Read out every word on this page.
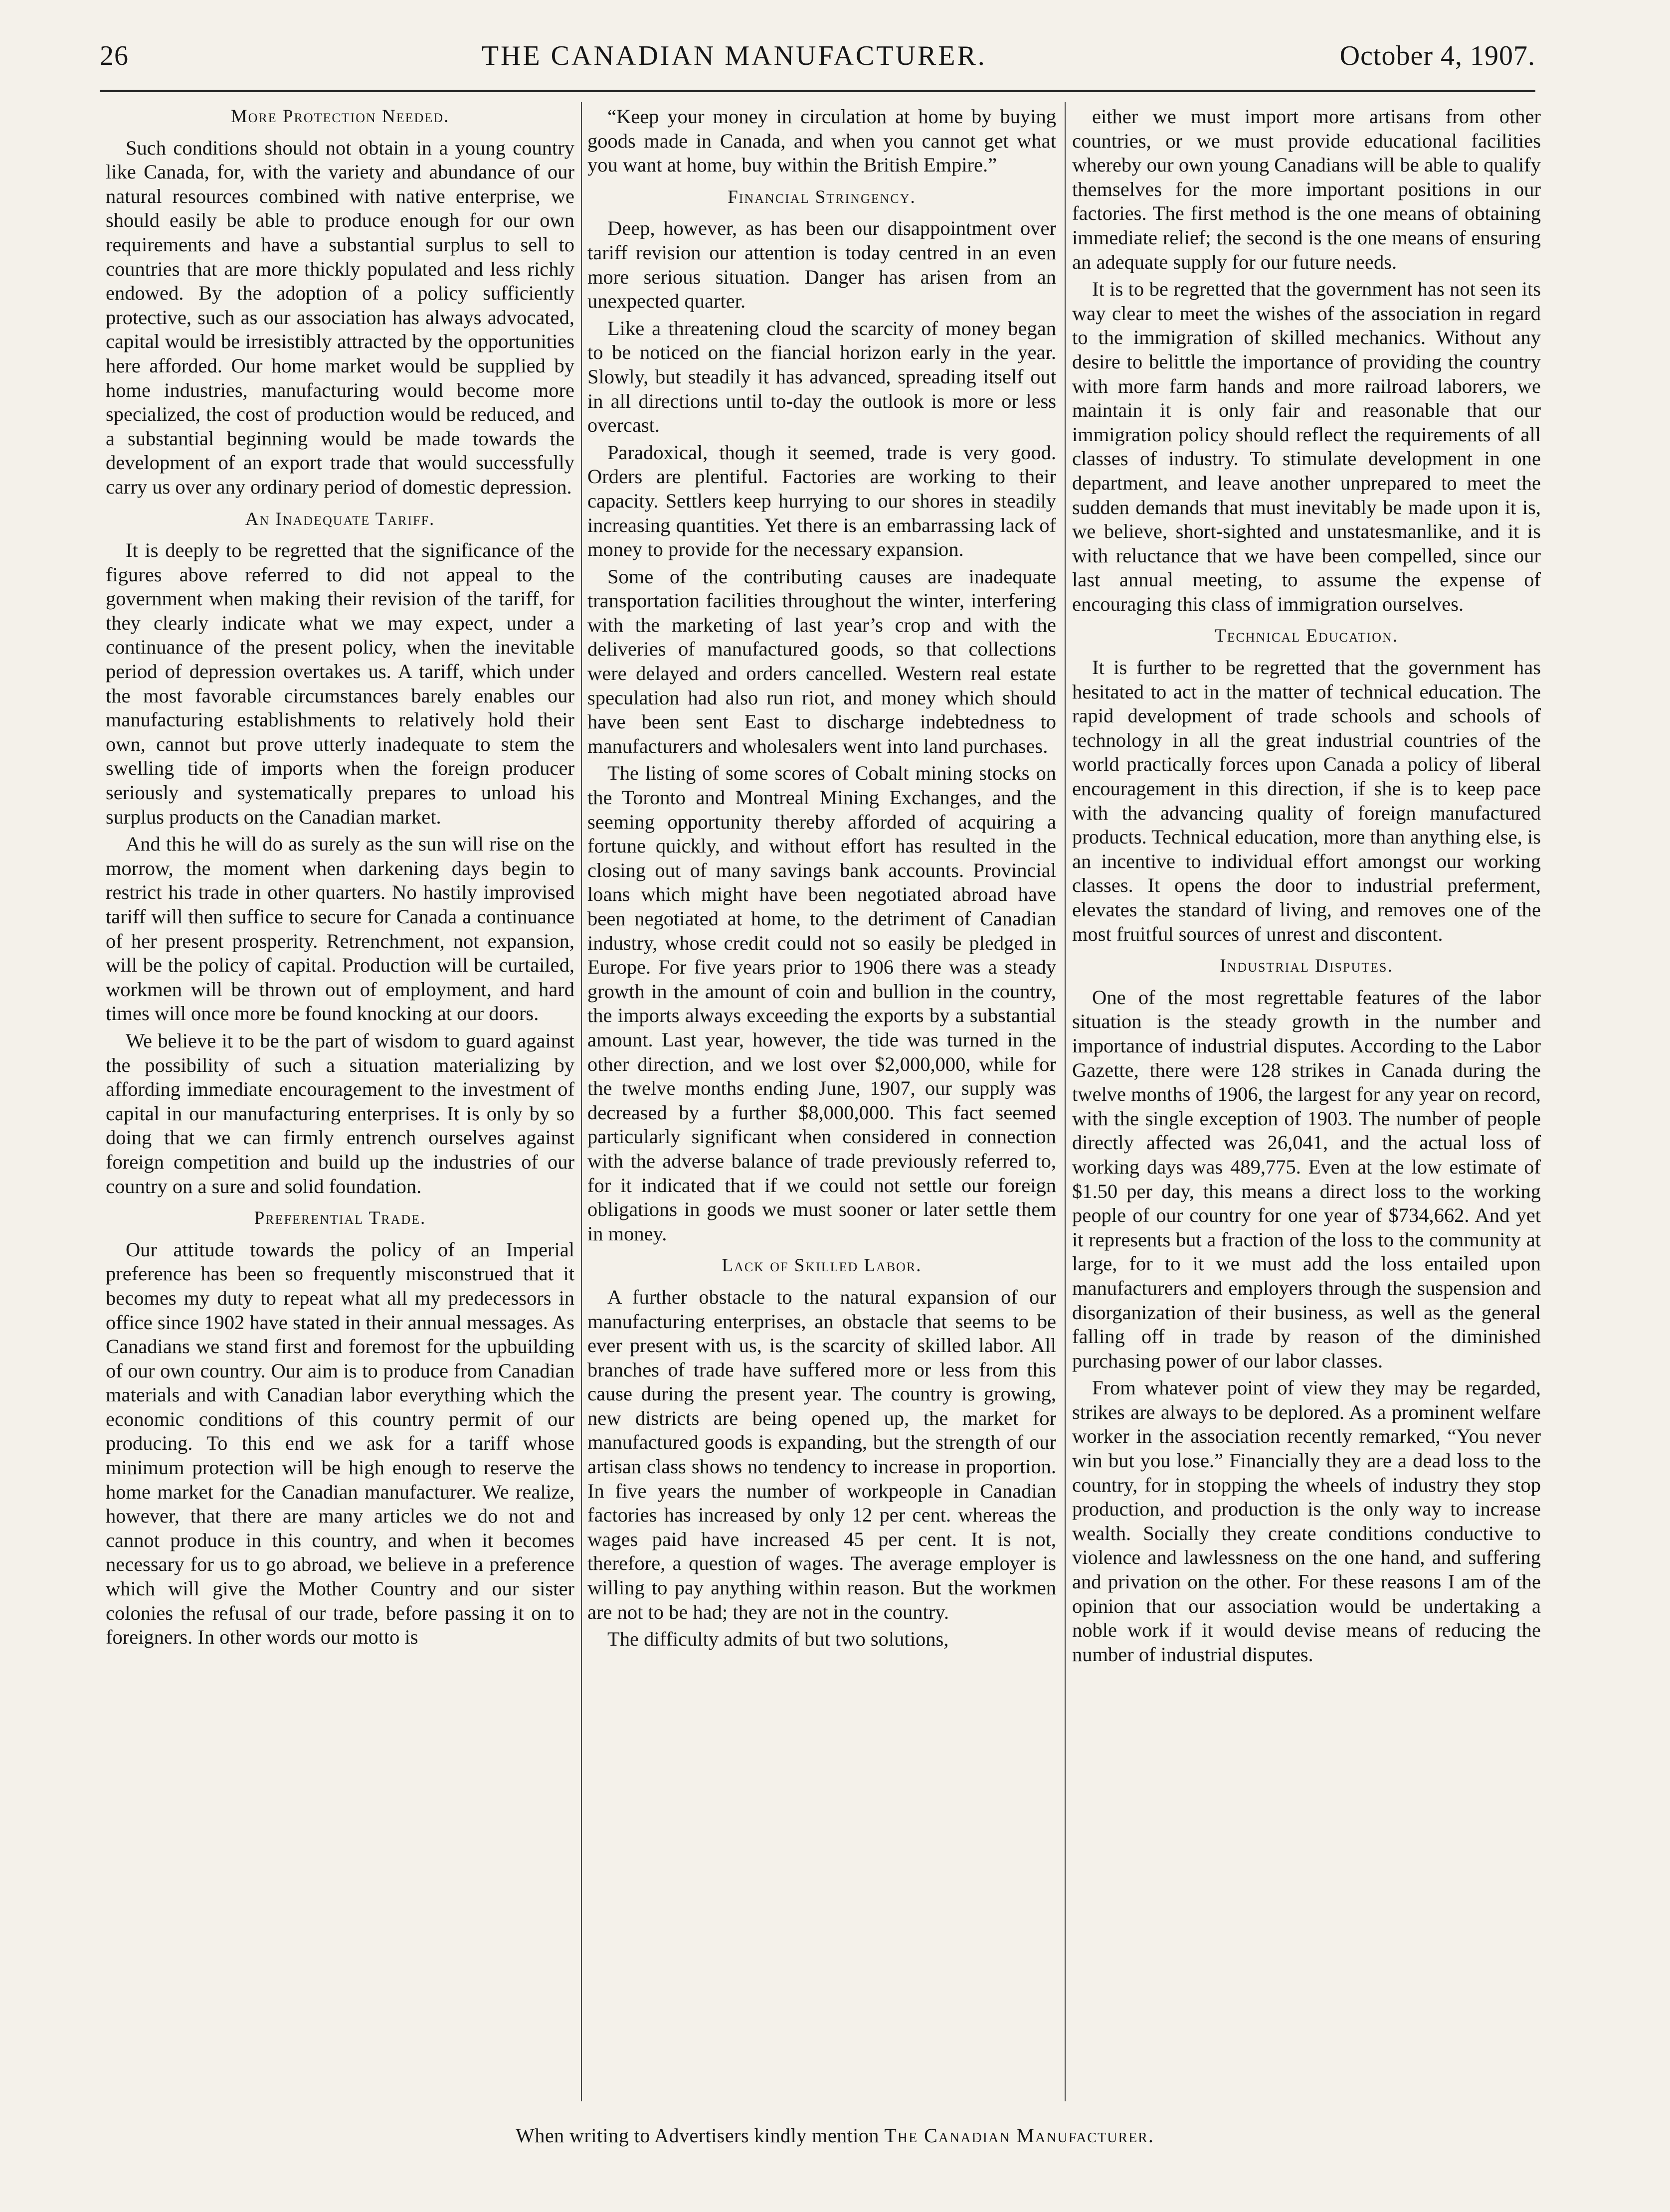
26	THE CANADIAN MANUFACTURER.	October 4, 1907.
More Protection Needed.

Such conditions should not obtain in a young country like Canada, for, with the variety and abundance of our natural resources combined with native enterprise, we should easily be able to produce enough for our own requirements and have a substantial surplus to sell to countries that are more thickly populated and less richly endowed. By the adoption of a policy sufficiently protective, such as our association has always advocated, capital would be irresistibly attracted by the opportunities here afforded. Our home market would be supplied by home industries, manufacturing would become more specialized, the cost of production would be reduced, and a substantial beginning would be made towards the development of an export trade that would successfully carry us over any ordinary period of domestic depression.

An Inadequate Tariff.

It is deeply to be regretted that the significance of the figures above referred to did not appeal to the government when making their revision of the tariff, for they clearly indicate what we may expect, under a continuance of the present policy, when the inevitable period of depression overtakes us. A tariff, which under the most favorable circumstances barely enables our manufacturing establishments to relatively hold their own, cannot but prove utterly inadequate to stem the swelling tide of imports when the foreign producer seriously and systematically prepares to unload his surplus products on the Canadian market.

And this he will do as surely as the sun will rise on the morrow, the moment when darkening days begin to restrict his trade in other quarters. No hastily improvised tariff will then suffice to secure for Canada a continuance of her present prosperity. Retrenchment, not expansion, will be the policy of capital. Production will be curtailed, workmen will be thrown out of employment, and hard times will once more be found knocking at our doors.

We believe it to be the part of wisdom to guard against the possibility of such a situation materializing by affording immediate encouragement to the investment of capital in our manufacturing enterprises. It is only by so doing that we can firmly entrench ourselves against foreign competition and build up the industries of our country on a sure and solid foundation.

Preferential Trade.

Our attitude towards the policy of an Imperial preference has been so frequently misconstrued that it becomes my duty to repeat what all my predecessors in office since 1902 have stated in their annual messages. As Canadians we stand first and foremost for the upbuilding of our own country. Our aim is to produce from Canadian materials and with Canadian labor everything which the economic conditions of this country permit of our producing. To this end we ask for a tariff whose minimum protection will be high enough to reserve the home market for the Canadian manufacturer. We realize, however, that there are many articles we do not and cannot produce in this country, and when it becomes necessary for us to go abroad, we believe in a preference which will give the Mother Country and our sister colonies the refusal of our trade, before passing it on to foreigners. In other words our motto is

“Keep your money in circulation at home by buying goods made in Canada, and when you cannot get what you want at home, buy within the British Empire.”

Financial Stringency.

Deep, however, as has been our disappointment over tariff revision our attention is today centred in an even more serious situation. Danger has arisen from an unexpected quarter.

Like a threatening cloud the scarcity of money began to be noticed on the fiancial horizon early in the year. Slowly, but steadily it has advanced, spreading itself out in all directions until to-day the outlook is more or less overcast.

Paradoxical, though it seemed, trade is very good. Orders are plentiful. Factories are working to their capacity. Settlers keep hurrying to our shores in steadily increasing quantities. Yet there is an embarrassing lack of money to provide for the necessary expansion.

Some of the contributing causes are inadequate transportation facilities throughout the winter, interfering with the marketing of last year’s crop and with the deliveries of manufactured goods, so that collections were delayed and orders cancelled. Western real estate speculation had also run riot, and money which should have been sent East to discharge indebtedness to manufacturers and wholesalers went into land purchases.

The listing of some scores of Cobalt mining stocks on the Toronto and Montreal Mining Exchanges, and the seeming opportunity thereby afforded of acquiring a fortune quickly, and without effort has resulted in the closing out of many savings bank accounts. Provincial loans which might have been negotiated abroad have been negotiated at home, to the detriment of Canadian industry, whose credit could not so easily be pledged in Europe. For five years prior to 1906 there was a steady growth in the amount of coin and bullion in the country, the imports always exceeding the exports by a substantial amount. Last year, however, the tide was turned in the other direction, and we lost over $2,000,000, while for the twelve months ending June, 1907, our supply was decreased by a further $8,000,000. This fact seemed particularly significant when considered in connection with the adverse balance of trade previously referred to, for it indicated that if we could not settle our foreign obligations in goods we must sooner or later settle them in money.

Lack of Skilled Labor.

A further obstacle to the natural expansion of our manufacturing enterprises, an obstacle that seems to be ever present with us, is the scarcity of skilled labor. All branches of trade have suffered more or less from this cause during the present year. The country is growing, new districts are being opened up, the market for manufactured goods is expanding, but the strength of our artisan class shows no tendency to increase in proportion. In five years the number of workpeople in Canadian factories has increased by only 12 per cent. whereas the wages paid have increased 45 per cent. It is not, therefore, a question of wages. The average employer is willing to pay anything within reason. But the workmen are not to be had; they are not in the country.

The difficulty admits of but two solutions,

either we must import more artisans from other countries, or we must provide educational facilities whereby our own young Canadians will be able to qualify themselves for the more important positions in our factories. The first method is the one means of obtaining immediate relief; the second is the one means of ensuring an adequate supply for our future needs.

It is to be regretted that the government has not seen its way clear to meet the wishes of the association in regard to the immigration of skilled mechanics. Without any desire to belittle the importance of providing the country with more farm hands and more railroad laborers, we maintain it is only fair and reasonable that our immigration policy should reflect the requirements of all classes of industry. To stimulate development in one department, and leave another unprepared to meet the sudden demands that must inevitably be made upon it is, we believe, short-sighted and unstatesmanlike, and it is with reluctance that we have been compelled, since our last annual meeting, to assume the expense of encouraging this class of immigration ourselves.

Technical Education.

It is further to be regretted that the government has hesitated to act in the matter of technical education. The rapid development of trade schools and schools of technology in all the great industrial countries of the world practically forces upon Canada a policy of liberal encouragement in this direction, if she is to keep pace with the advancing quality of foreign manufactured products. Technical education, more than anything else, is an incentive to individual effort amongst our working classes. It opens the door to industrial preferment, elevates the standard of living, and removes one of the most fruitful sources of unrest and discontent.

Industrial Disputes.

One of the most regrettable features of the labor situation is the steady growth in the number and importance of industrial disputes. According to the Labor Gazette, there were 128 strikes in Canada during the twelve months of 1906, the largest for any year on record, with the single exception of 1903. The number of people directly affected was 26,041, and the actual loss of working days was 489,775. Even at the low estimate of $1.50 per day, this means a direct loss to the working people of our country for one year of $734,662. And yet it represents but a fraction of the loss to the community at large, for to it we must add the loss entailed upon manufacturers and employers through the suspension and disorganization of their business, as well as the general falling off in trade by reason of the diminished purchasing power of our labor classes.

From whatever point of view they may be regarded, strikes are always to be deplored. As a prominent welfare worker in the association recently remarked, “You never win but you lose.” Financially they are a dead loss to the country, for in stopping the wheels of industry they stop production, and production is the only way to increase wealth. Socially they create conditions conductive to violence and lawlessness on the one hand, and suffering and privation on the other. For these reasons I am of the opinion that our association would be undertaking a noble work if it would devise means of reducing the number of industrial disputes.

When writing to Advertisers kindly mention The Canadian Manufacturer.
